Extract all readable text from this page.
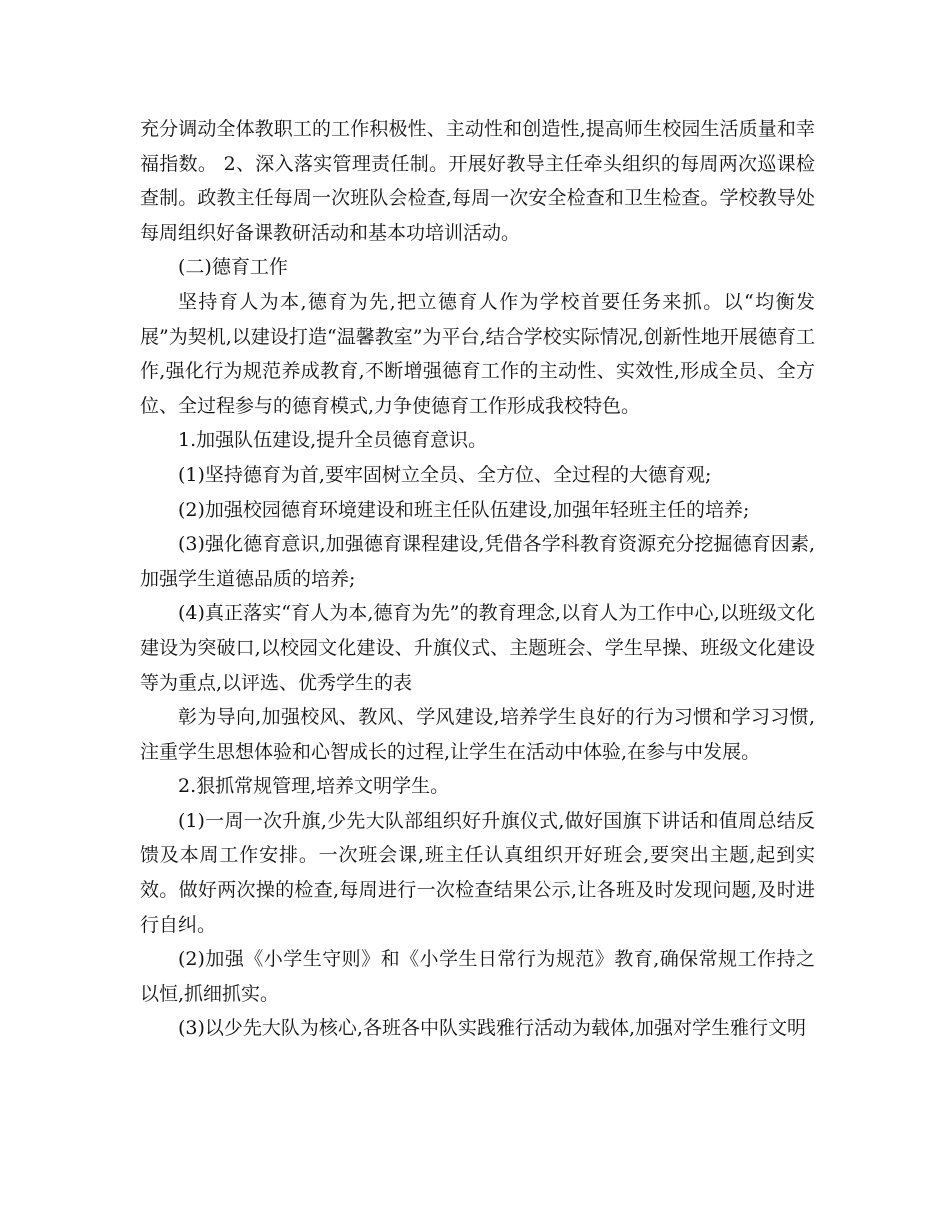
充分调动全体教职工的工作积极性、主动性和创造性,提高师生校园生活质量和幸福指数。 2、深入落实管理责任制。开展好教导主任牵头组织的每周两次巡课检查制。政教主任每周一次班队会检查,每周一次安全检查和卫生检查。学校教导处每周组织好备课教研活动和基本功培训活动。

(二)德育工作

坚持育人为本,德育为先,把立德育人作为学校首要任务来抓。以“均衡发展”为契机,以建设打造“温馨教室”为平台,结合学校实际情况,创新性地开展德育工作,强化行为规范养成教育,不断增强德育工作的主动性、实效性,形成全员、全方位、全过程参与的德育模式,力争使德育工作形成我校特色。

1.加强队伍建设,提升全员德育意识。

(1)坚持德育为首,要牢固树立全员、全方位、全过程的大德育观;

(2)加强校园德育环境建设和班主任队伍建设,加强年轻班主任的培养;

(3)强化德育意识,加强德育课程建设,凭借各学科教育资源充分挖掘德育因素,加强学生道德品质的培养;

(4)真正落实“育人为本,德育为先”的教育理念,以育人为工作中心,以班级文化建设为突破口,以校园文化建设、升旗仪式、主题班会、学生早操、班级文化建设等为重点,以评选、优秀学生的表

彰为导向,加强校风、教风、学风建设,培养学生良好的行为习惯和学习习惯,注重学生思想体验和心智成长的过程,让学生在活动中体验,在参与中发展。

2.狠抓常规管理,培养文明学生。

(1)一周一次升旗,少先大队部组织好升旗仪式,做好国旗下讲话和值周总结反馈及本周工作安排。一次班会课,班主任认真组织开好班会,要突出主题,起到实效。做好两次操的检查,每周进行一次检查结果公示,让各班及时发现问题,及时进行自纠。

(2)加强《小学生守则》和《小学生日常行为规范》教育,确保常规工作持之以恒,抓细抓实。

(3)以少先大队为核心,各班各中队实践雅行活动为载体,加强对学生雅行文明
